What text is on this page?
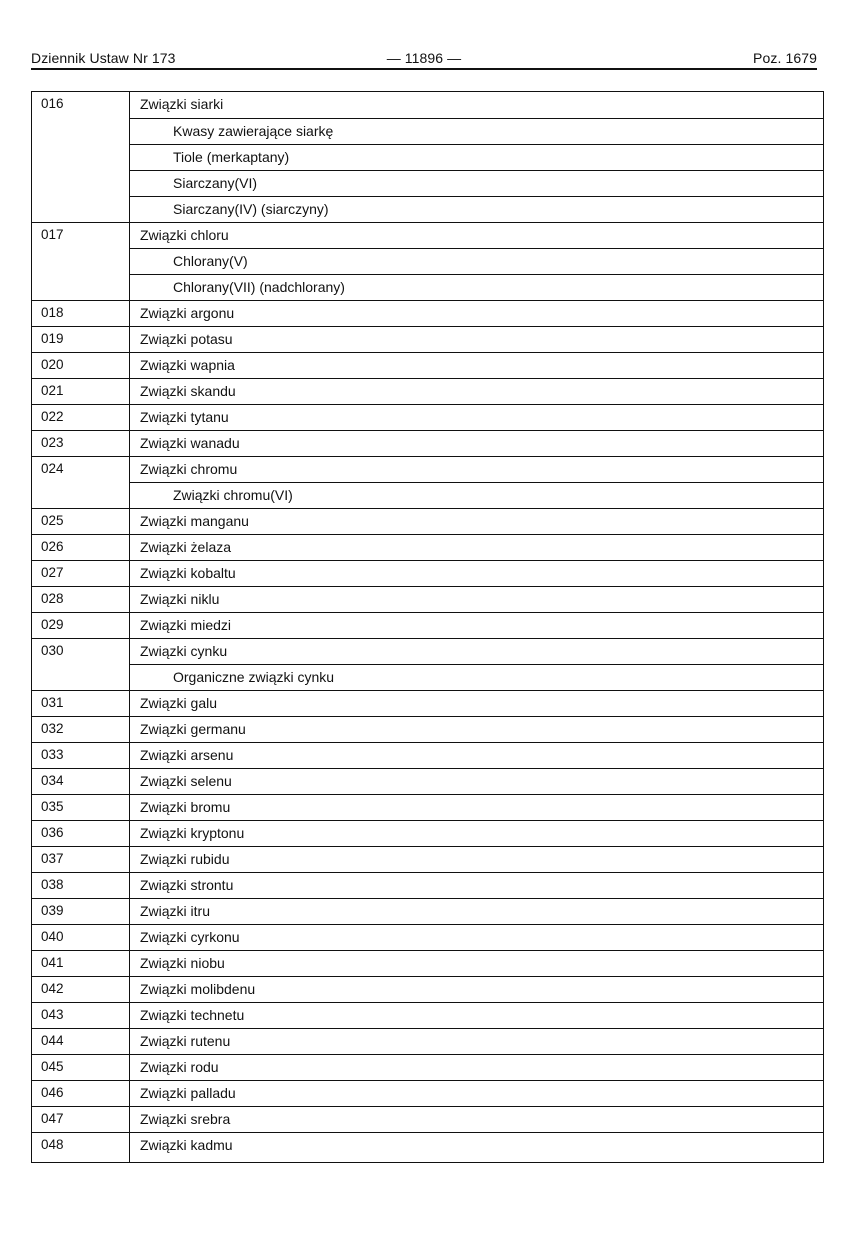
Dziennik Ustaw Nr 173	— 11896 —	Poz. 1679
016	Związki siarki
Kwasy zawierające siarkę
Tiole (merkaptany)
Siarczany(VI)
Siarczany(IV) (siarczyny)
017	Związki chloru
Chlorany(V)
Chlorany(VII) (nadchlorany)
018	Związki argonu
019	Związki potasu
020	Związki wapnia
021	Związki skandu
022	Związki tytanu
023	Związki wanadu
024	Związki chromu
Związki chromu(VI)
025	Związki manganu
026	Związki żelaza
027	Związki kobaltu
028	Związki niklu
029	Związki miedzi
030	Związki cynku
Organiczne związki cynku
031	Związki galu
032	Związki germanu
033	Związki arsenu
034	Związki selenu
035	Związki bromu
036	Związki kryptonu
037	Związki rubidu
038	Związki strontu
039	Związki itru
040	Związki cyrkonu
041	Związki niobu
042	Związki molibdenu
043	Związki technetu
044	Związki rutenu
045	Związki rodu
046	Związki palladu
047	Związki srebra
048	Związki kadmu
